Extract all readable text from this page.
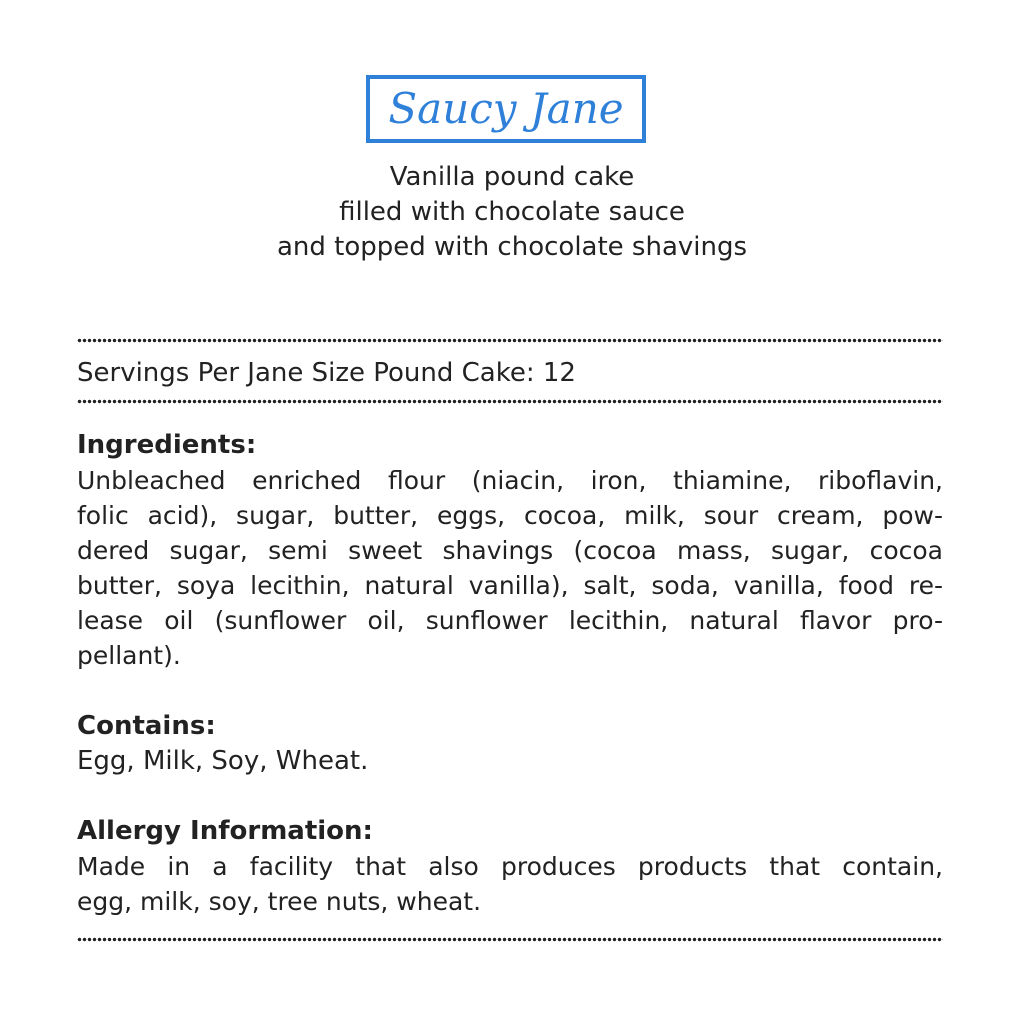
Saucy Jane
Vanilla pound cake
filled with chocolate sauce
and topped with chocolate shavings
Servings Per Jane Size Pound Cake: 12
Ingredients:
Unbleached enriched flour (niacin, iron, thiamine, riboflavin,
folic acid), sugar, butter, eggs, cocoa, milk, sour cream, pow-
dered sugar, semi sweet shavings (cocoa mass, sugar, cocoa
butter, soya lecithin, natural vanilla), salt, soda, vanilla, food re-
lease oil (sunflower oil, sunflower lecithin, natural flavor pro-
pellant).
Contains:
Egg, Milk, Soy, Wheat.
Allergy Information:
Made in a facility that also produces products that contain,
egg, milk, soy, tree nuts, wheat.
